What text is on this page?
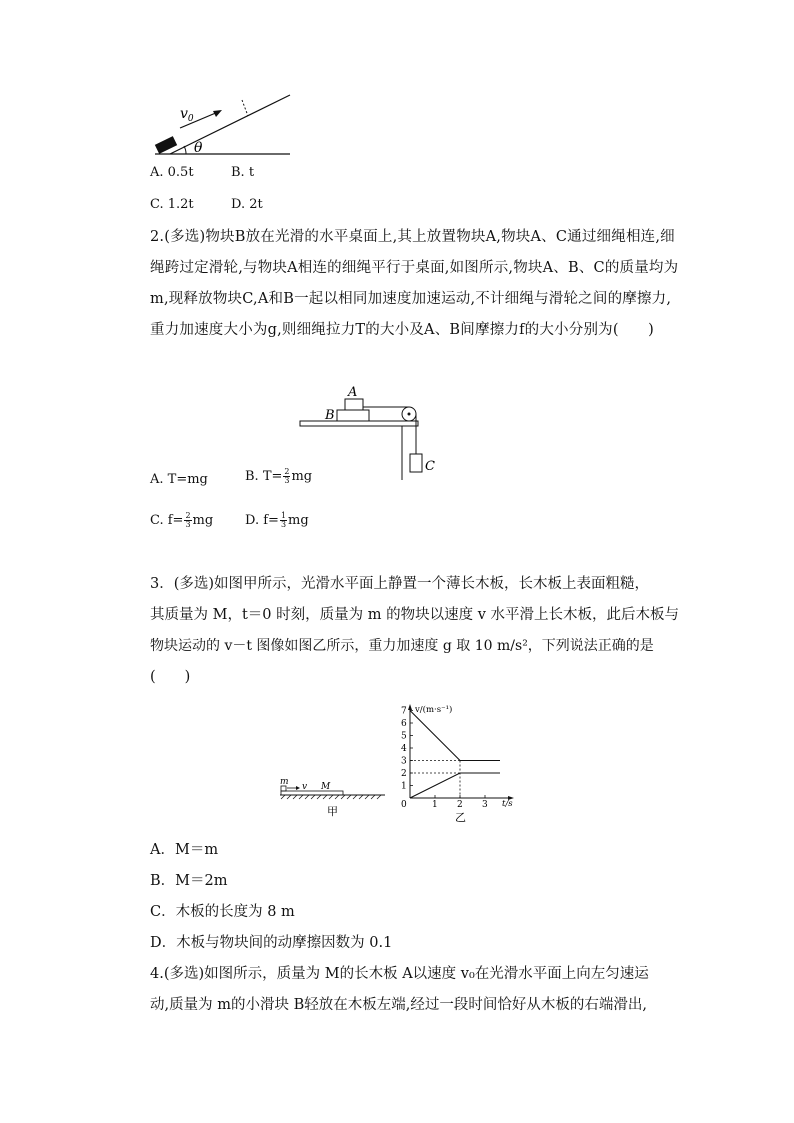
$v_0$
θ
A. 0.5t	B. t
C. 1.2t	D. 2t
2.(多选)物块B放在光滑的水平桌面上,其上放置物块A,物块A、C通过细绳相连,细绳跨过定滑轮,与物块A相连的细绳平行于桌面,如图所示,物块A、B、C的质量均为m,现释放物块C,A和B一起以相同加速度加速运动,不计细绳与滑轮之间的摩擦力,重力加速度大小为g,则细绳拉力T的大小及A、B间摩擦力f的大小分别为(　　)
A
B
C
A. T=mg	B. $T= \frac{2}{3}$ mg
C. $f= \frac{2}{3}$ mg D. $f= \frac{1}{3}$ mg
3．(多选)如图甲所示，光滑水平面上静置一个薄长木板，长木板上表面粗糙，
其质量为 M，t＝0 时刻，质量为 m 的物块以速度 v 水平滑上长木板，此后木板与
物块运动的 v－t 图像如图乙所示，重力加速度 g 取 10 m/s²，下列说法正确的是
(　　)
m v M
甲
v/(m·s⁻¹)
t/s
1
2
3
4
5
6
7
0	1 2 3
乙
A．M＝m
B．M＝2m
C．木板的长度为 8 m
D．木板与物块间的动摩擦因数为 0.1
4.(多选)如图所示，质量为 M的长木板 A以速度 v₀在光滑水平面上向左匀速运
动,质量为 m的小滑块 B轻放在木板左端,经过一段时间恰好从木板的右端滑出,
